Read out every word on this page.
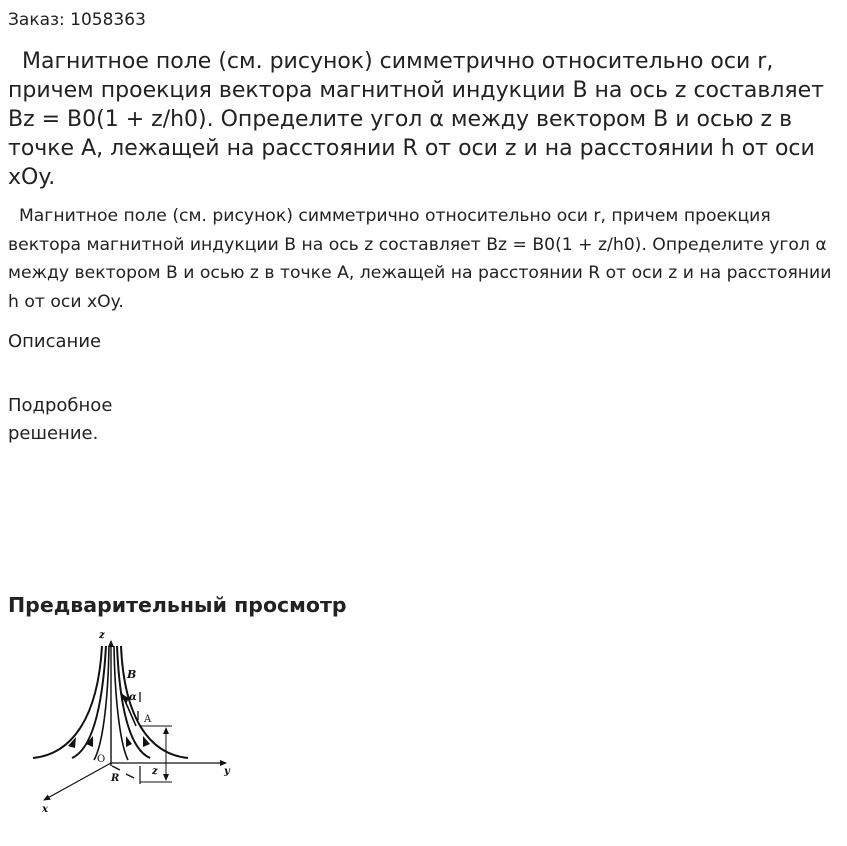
Заказ: 1058363

Магнитное поле (см. рисунок) симметрично относительно оси r, причем проекция вектора магнитной индукции B на ось z составляет Bz = B0(1 + z/h0). Определите угол α между вектором B и осью z в точке A, лежащей на расстоянии R от оси z и на расстоянии h от оси xOy.

Магнитное поле (см. рисунок) симметрично относительно оси r, причем проекция вектора магнитной индукции B на ось z составляет Bz = B0(1 + z/h0). Определите угол α между вектором B и осью z в точке A, лежащей на расстоянии R от оси z и на расстоянии h от оси xOy.

Описание

Подробное решение.

Предварительный просмотр
z
B
α
A
O
R
z	y
x
